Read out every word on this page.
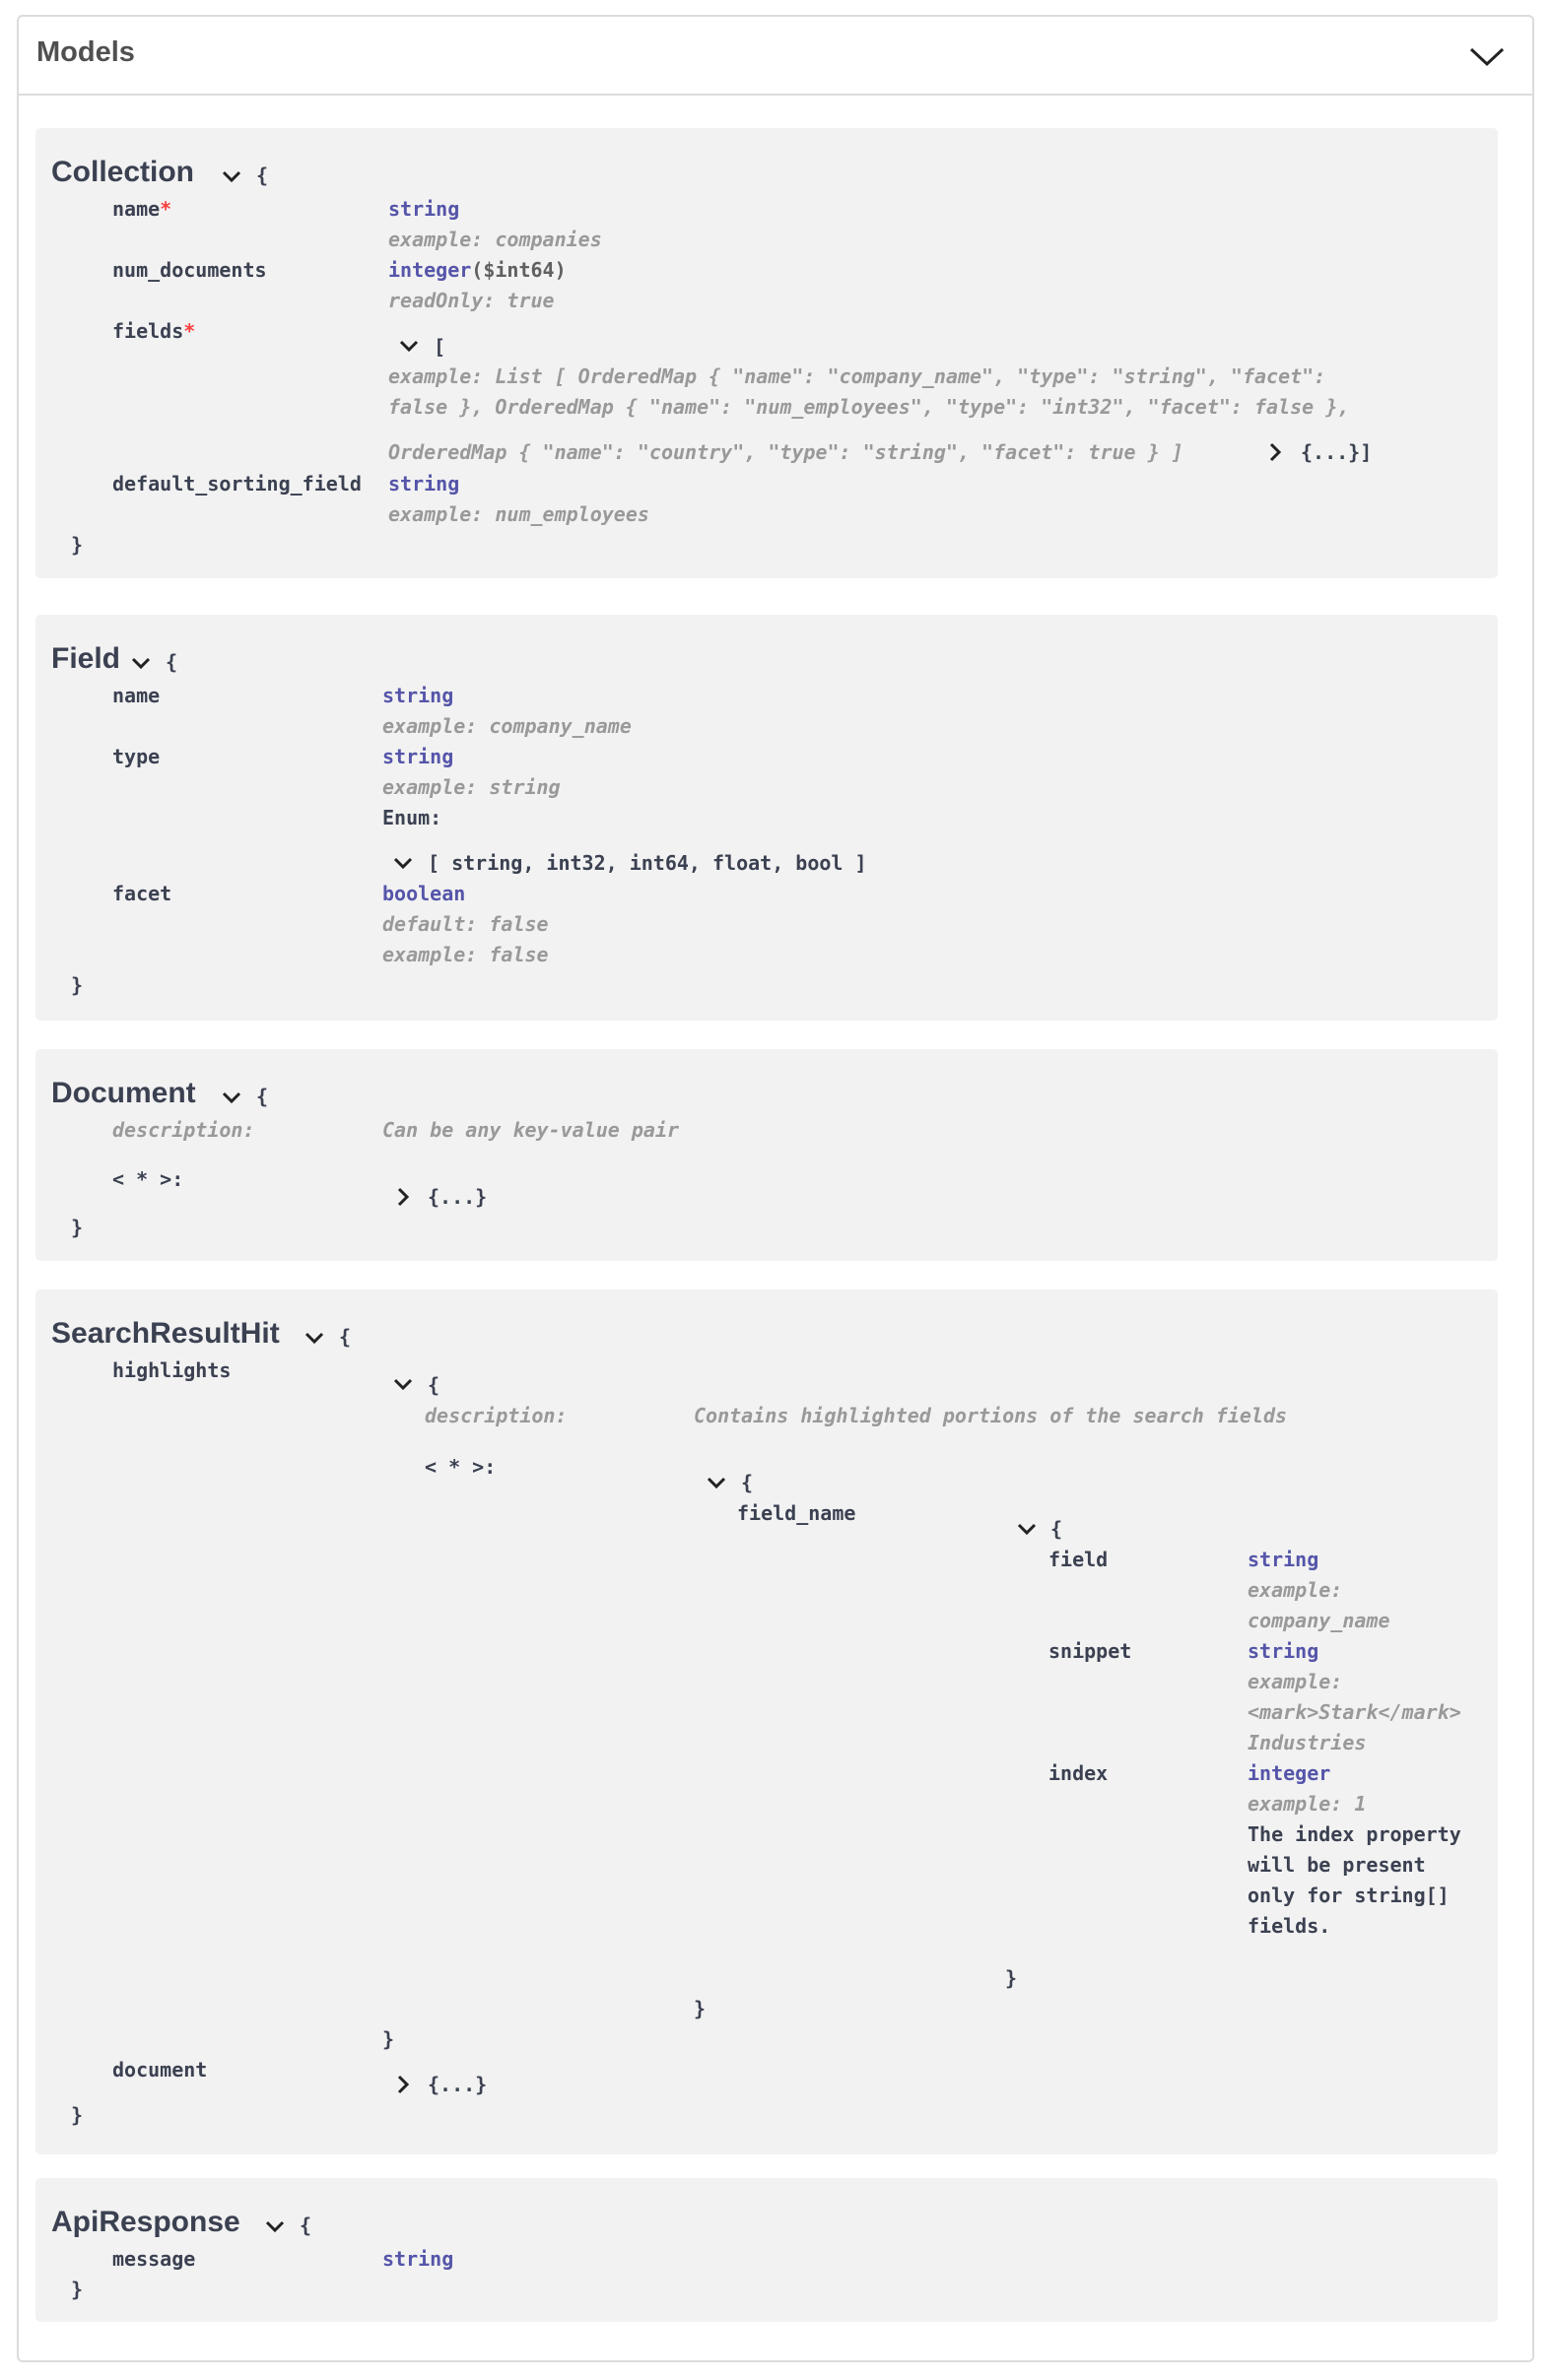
Models
Collection	{
name*	string
example: companies
num_documents	integer($int64)
readOnly: true
fields*
[
example: List [ OrderedMap { "name": "company_name", "type": "string", "facet":
false }, OrderedMap { "name": "num_employees", "type": "int32", "facet": false },
OrderedMap { "name": "country", "type": "string", "facet": true } ]	{...}]
default_sorting_field string
example: num_employees
}
Field {
name	string
example: company_name
type	string
example: string
Enum:
[ string, int32, int64, float, bool ]
facet	boolean
default: false
example: false
}
Document	{
description:	Can be any key-value pair
< * >:
{...}
}
SearchResultHit	{
highlights
{
description:	Contains highlighted portions of the search fields
< * >:
{
field_name
{
field	string
example:
company_name
snippet	string
example:
<mark>Stark</mark>
Industries
index	integer
example: 1
The index property
will be present
only for string[]
fields.
}
}
}
document
{...}
}
ApiResponse	{
message	string
}
